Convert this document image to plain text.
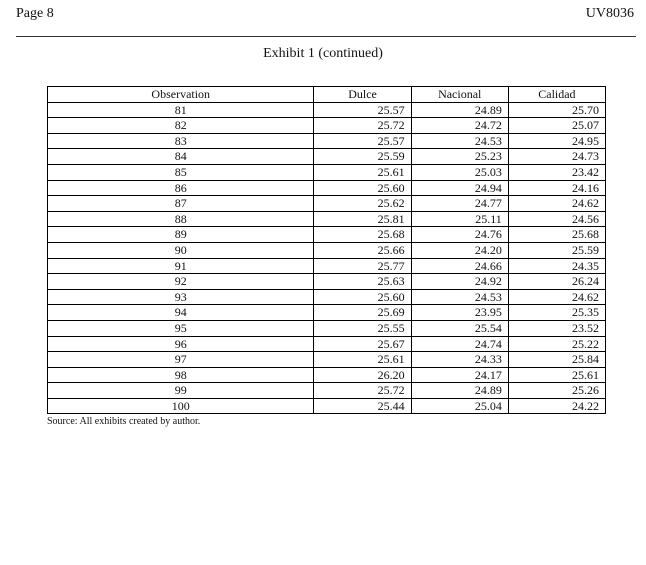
Page 8	UV8036
Exhibit 1 (continued)
Observation	Dulce	Nacional	Calidad
81	25.57	24.89	25.70
82	25.72	24.72	25.07
83	25.57	24.53	24.95
84	25.59	25.23	24.73
85	25.61	25.03	23.42
86	25.60	24.94	24.16
87	25.62	24.77	24.62
88	25.81	25.11	24.56
89	25.68	24.76	25.68
90	25.66	24.20	25.59
91	25.77	24.66	24.35
92	25.63	24.92	26.24
93	25.60	24.53	24.62
94	25.69	23.95	25.35
95	25.55	25.54	23.52
96	25.67	24.74	25.22
97	25.61	24.33	25.84
98	26.20	24.17	25.61
99	25.72	24.89	25.26
100	25.44	25.04	24.22
Source: All exhibits created by author.
